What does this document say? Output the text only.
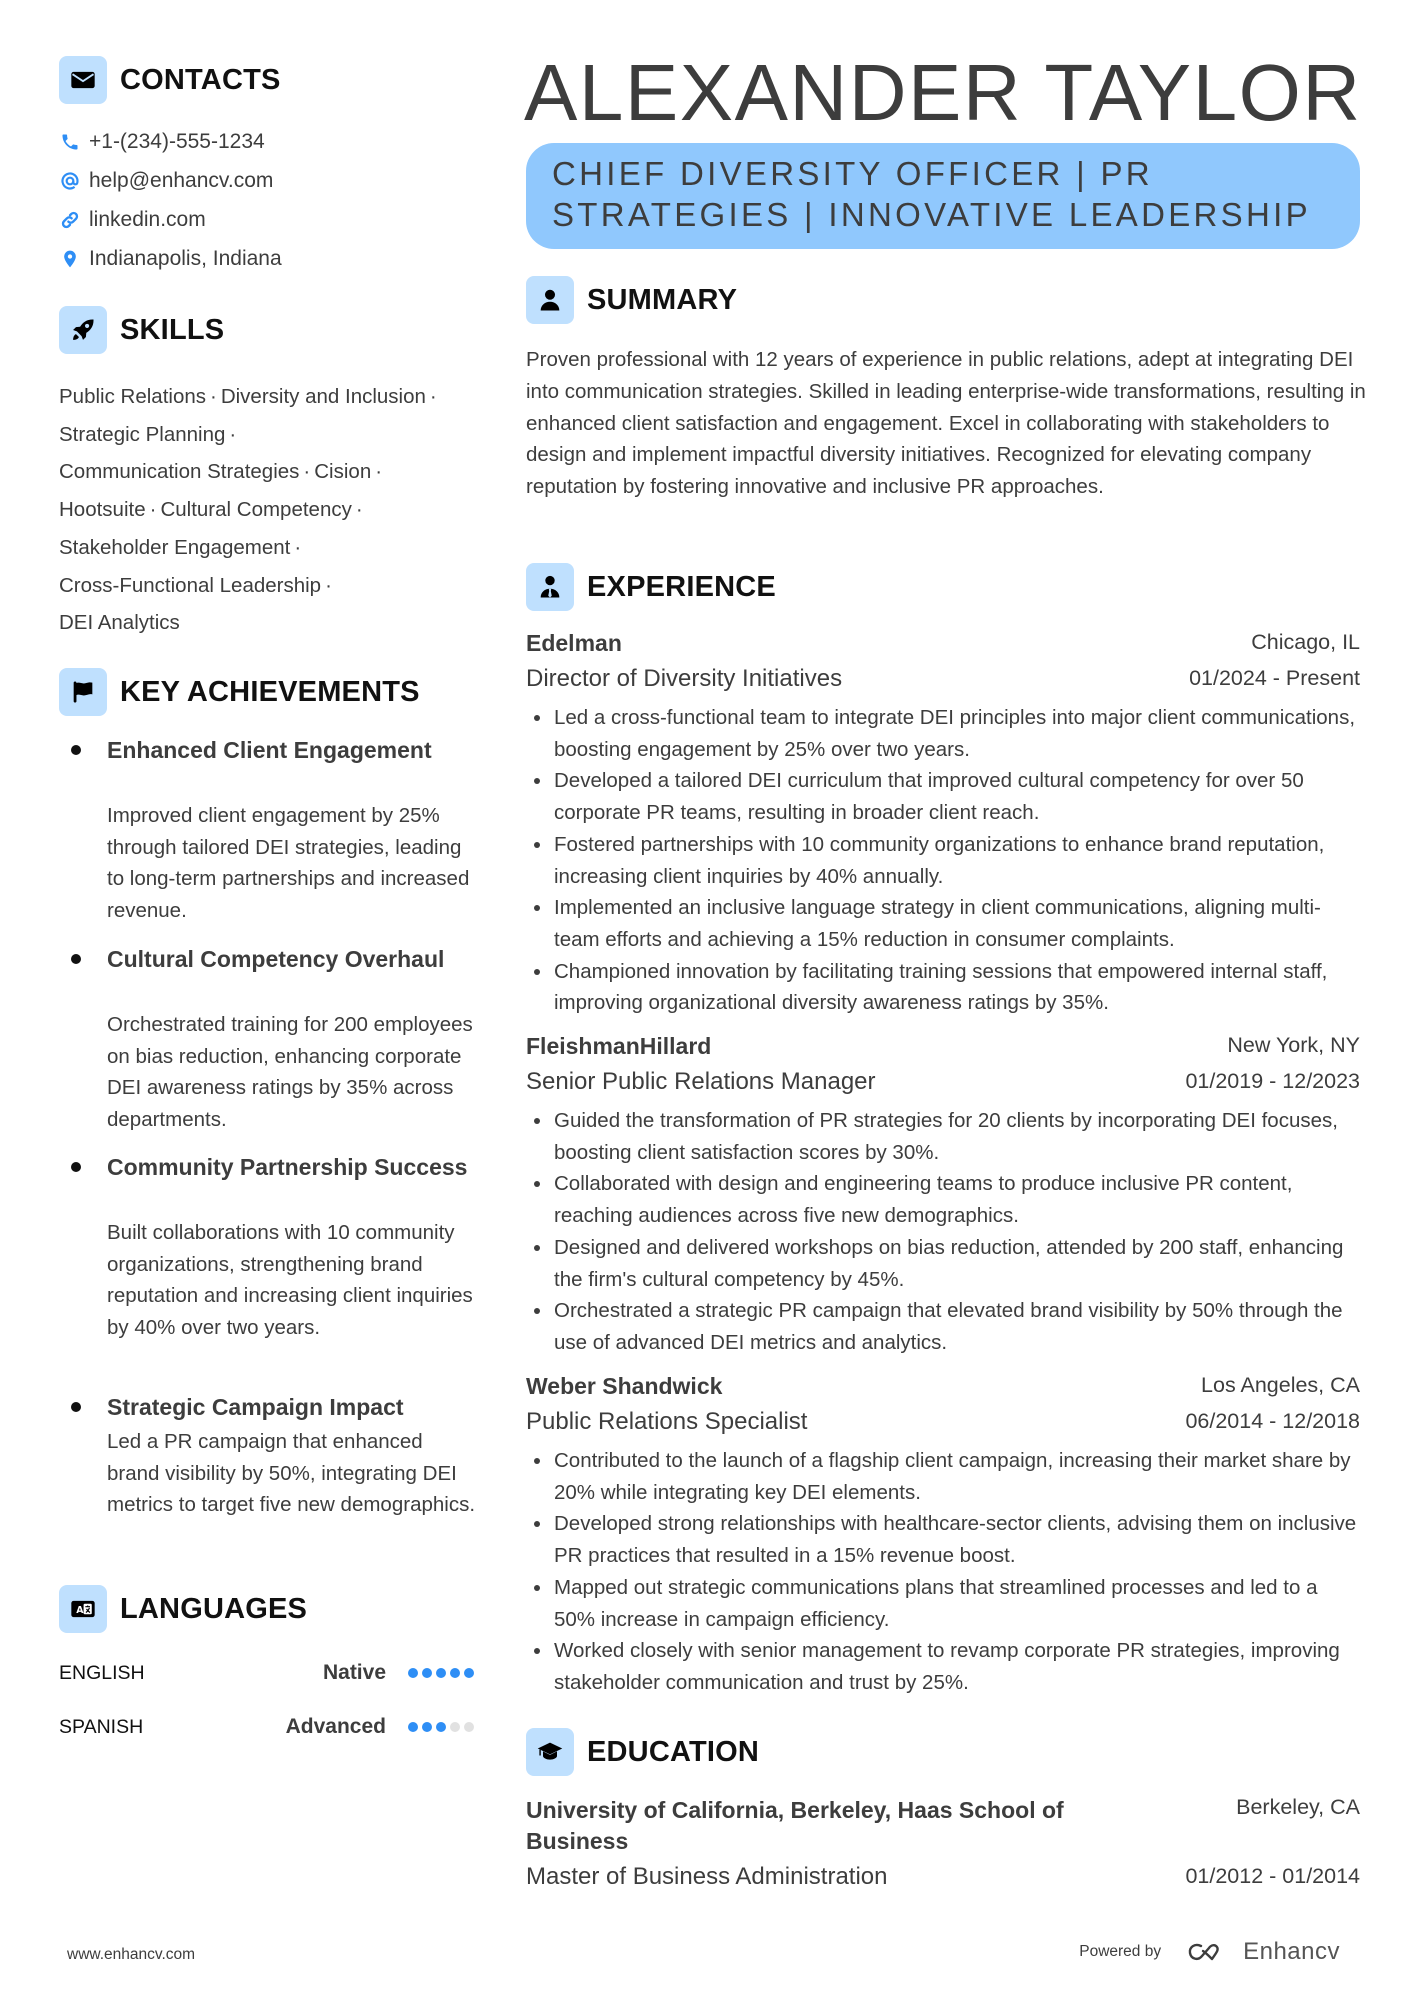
CONTACTS
+1-(234)-555-1234
help@enhancv.com
linkedin.com
Indianapolis, Indiana
SKILLS
Public Relations · Diversity and Inclusion ·
Strategic Planning ·
Communication Strategies · Cision ·
Hootsuite · Cultural Competency ·
Stakeholder Engagement ·
Cross-Functional Leadership ·
DEI Analytics
KEY ACHIEVEMENTS
Enhanced Client Engagement
Improved client engagement by 25% through tailored DEI strategies, leading to long-term partnerships and increased revenue.
Cultural Competency Overhaul
Orchestrated training for 200 employees on bias reduction, enhancing corporate DEI awareness ratings by 35% across departments.
Community Partnership Success
Built collaborations with 10 community organizations, strengthening brand reputation and increasing client inquiries by 40% over two years.
Strategic Campaign Impact
Led a PR campaign that enhanced brand visibility by 50%, integrating DEI metrics to target five new demographics.
A LANGUAGES
ENGLISH	Native
SPANISH	Advanced
ALEXANDER TAYLOR
CHIEF DIVERSITY OFFICER | PR
STRATEGIES | INNOVATIVE LEADERSHIP
SUMMARY
Proven professional with 12 years of experience in public relations, adept at integrating DEI into communication strategies. Skilled in leading enterprise-wide transformations, resulting in enhanced client satisfaction and engagement. Excel in collaborating with stakeholders to design and implement impactful diversity initiatives. Recognized for elevating company reputation by fostering innovative and inclusive PR approaches.
EXPERIENCE
Edelman	Chicago, IL
Director of Diversity Initiatives	01/2024 - Present
Led a cross-functional team to integrate DEI principles into major client communications, boosting engagement by 25% over two years.
Developed a tailored DEI curriculum that improved cultural competency for over 50 corporate PR teams, resulting in broader client reach.
Fostered partnerships with 10 community organizations to enhance brand reputation, increasing client inquiries by 40% annually.
Implemented an inclusive language strategy in client communications, aligning multi-team efforts and achieving a 15% reduction in consumer complaints.
Championed innovation by facilitating training sessions that empowered internal staff, improving organizational diversity awareness ratings by 35%.
FleishmanHillard	New York, NY
Senior Public Relations Manager	01/2019 - 12/2023
Guided the transformation of PR strategies for 20 clients by incorporating DEI focuses, boosting client satisfaction scores by 30%.
Collaborated with design and engineering teams to produce inclusive PR content, reaching audiences across five new demographics.
Designed and delivered workshops on bias reduction, attended by 200 staff, enhancing the firm's cultural competency by 45%.
Orchestrated a strategic PR campaign that elevated brand visibility by 50% through the use of advanced DEI metrics and analytics.
Weber Shandwick	Los Angeles, CA
Public Relations Specialist	06/2014 - 12/2018
Contributed to the launch of a flagship client campaign, increasing their market share by 20% while integrating key DEI elements.
Developed strong relationships with healthcare-sector clients, advising them on inclusive PR practices that resulted in a 15% revenue boost.
Mapped out strategic communications plans that streamlined processes and led to a 50% increase in campaign efficiency.
Worked closely with senior management to revamp corporate PR strategies, improving stakeholder communication and trust by 25%.
EDUCATION
University of California, Berkeley, Haas School of Business
Berkeley, CA
Master of Business Administration	01/2012 - 01/2014
www.enhancv.com	Powered by	Enhancv
